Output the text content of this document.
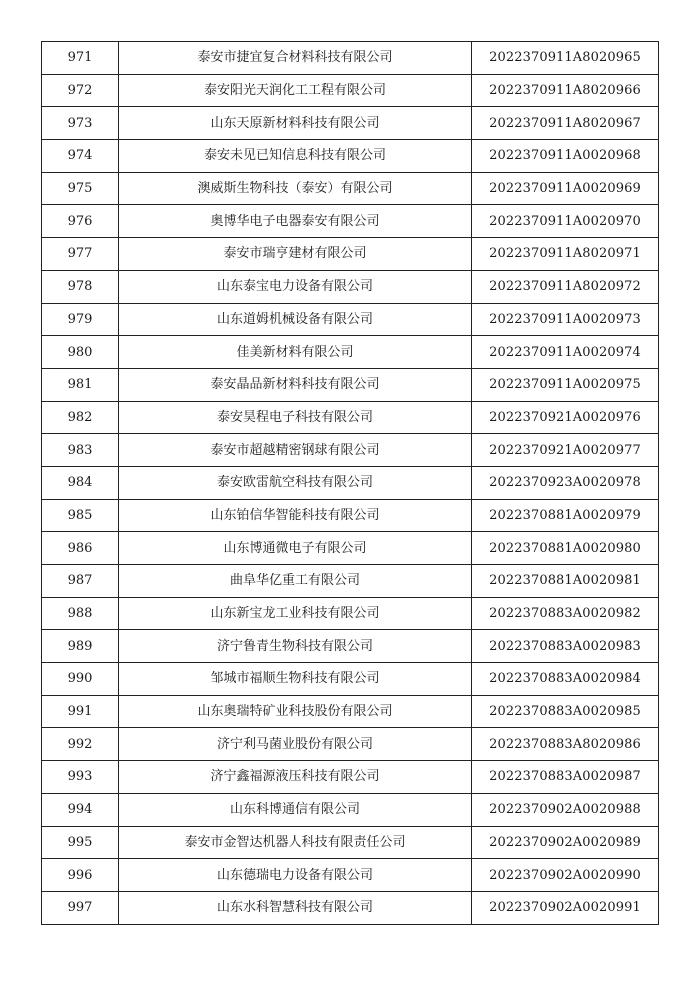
971	泰安市捷宜复合材料科技有限公司	2022370911A8020965
972	泰安阳光天润化工工程有限公司	2022370911A8020966
973	山东天原新材料科技有限公司	2022370911A8020967
974	泰安未见已知信息科技有限公司	2022370911A0020968
975	澳威斯生物科技（泰安）有限公司	2022370911A0020969
976	奥博华电子电器泰安有限公司	2022370911A0020970
977	泰安市瑞亨建材有限公司	2022370911A8020971
978	山东泰宝电力设备有限公司	2022370911A8020972
979	山东道姆机械设备有限公司	2022370911A0020973
980	佳美新材料有限公司	2022370911A0020974
981	泰安晶品新材料科技有限公司	2022370911A0020975
982	泰安昊程电子科技有限公司	2022370921A0020976
983	泰安市超越精密钢球有限公司	2022370921A0020977
984	泰安欧雷航空科技有限公司	2022370923A0020978
985	山东铂信华智能科技有限公司	2022370881A0020979
986	山东博通微电子有限公司	2022370881A0020980
987	曲阜华亿重工有限公司	2022370881A0020981
988	山东新宝龙工业科技有限公司	2022370883A0020982
989	济宁鲁青生物科技有限公司	2022370883A0020983
990	邹城市福顺生物科技有限公司	2022370883A0020984
991	山东奥瑞特矿业科技股份有限公司	2022370883A0020985
992	济宁利马菌业股份有限公司	2022370883A8020986
993	济宁鑫福源液压科技有限公司	2022370883A0020987
994	山东科博通信有限公司	2022370902A0020988
995	泰安市金智达机器人科技有限责任公司	2022370902A0020989
996	山东德瑞电力设备有限公司	2022370902A0020990
997	山东水科智慧科技有限公司	2022370902A0020991
